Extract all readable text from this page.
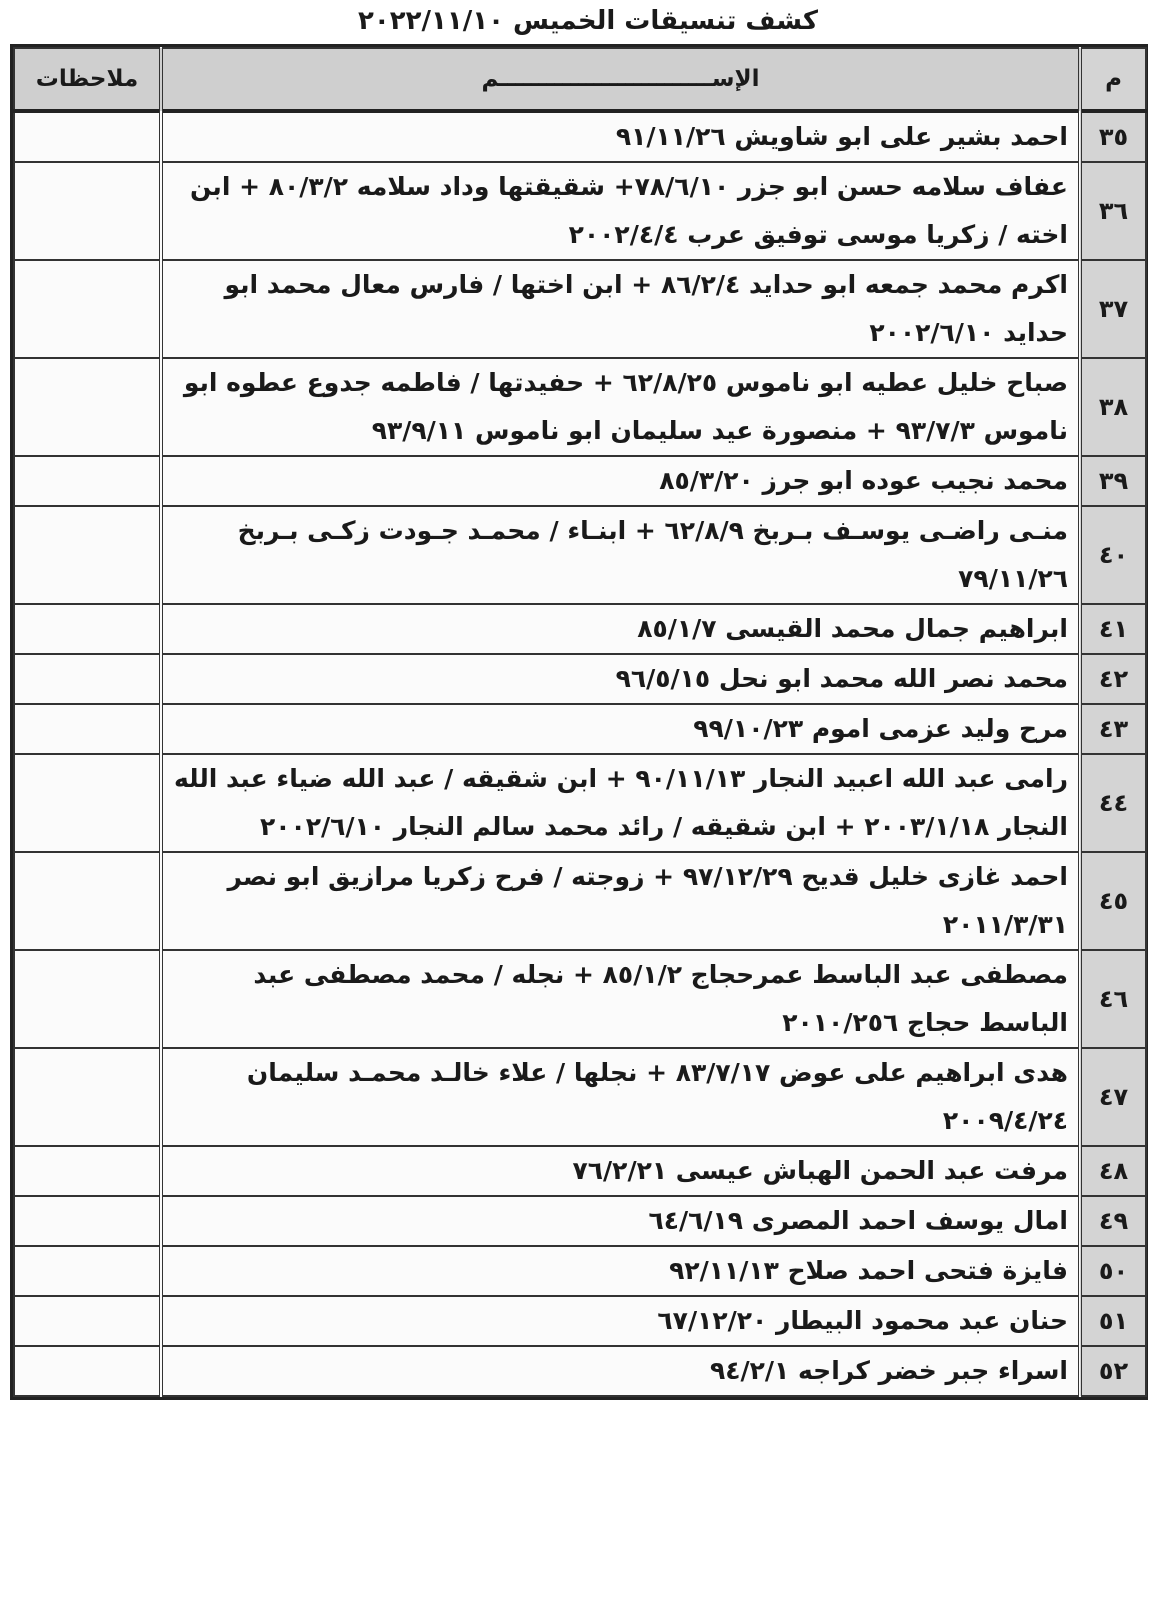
كشف تنسيقات الخميس ٢٠٢٢/١١/١٠
م	الإســـــــــــــــــــــــــــم	ملاحظات
٣٥	احمد بشير على ابو شاويش ٩١/١١/٢٦	
٣٦	عفاف سلامه حسن ابو جزر ٧٨/٦/١٠+ شقيقتها وداد سلامه ٨٠/٣/٢ + ابن اخته / زكريا موسى توفيق عرب ٢٠٠٢/٤/٤	
٣٧	اكرم محمد جمعه ابو حدايد ٨٦/٢/٤ + ابن اختها / فارس معال محمد ابو حدايد ٢٠٠٢/٦/١٠	
٣٨	صباح خليل عطيه ابو ناموس ٦٢/٨/٢٥ + حفيدتها / فاطمه جدوع عطوه ابو ناموس ٩٣/٧/٣ + منصورة عيد سليمان ابو ناموس ٩٣/٩/١١	
٣٩	محمد نجيب عوده ابو جرز ٨٥/٣/٢٠	
٤٠	منـى راضـى يوسـف بـربخ ٦٢/٨/٩ + ابنـاء / محمـد جـودت زكـى بـربخ ٧٩/١١/٢٦	
٤١	ابراهيم جمال محمد القيسى ٨٥/١/٧	
٤٢	محمد نصر الله محمد ابو نحل ٩٦/٥/١٥	
٤٣	مرح وليد عزمى اموم ٩٩/١٠/٢٣	
٤٤	رامى عبد الله اعبيد النجار ٩٠/١١/١٣ + ابن شقيقه / عبد الله ضياء عبد الله النجار ٢٠٠٣/١/١٨ + ابن شقيقه / رائد محمد سالم النجار ٢٠٠٢/٦/١٠	
٤٥	احمد غازى خليل قديح ٩٧/١٢/٢٩ + زوجته / فرح زكريا مرازيق ابو نصر ٢٠١١/٣/٣١	
٤٦	مصطفى عبد الباسط عمرحجاج ٨٥/١/٢ + نجله / محمد مصطفى عبد الباسط حجاج ٢٠١٠/٢٥٦	
٤٧	هدى ابراهيم على عوض ٨٣/٧/١٧ + نجلها / علاء خالـد محمـد سليمان ٢٠٠٩/٤/٢٤	
٤٨	مرفت عبد الحمن الهباش عيسى ٧٦/٢/٢١	
٤٩	امال يوسف احمد المصرى ٦٤/٦/١٩	
٥٠	فايزة فتحى احمد صلاح ٩٢/١١/١٣	
٥١	حنان عبد محمود البيطار ٦٧/١٢/٢٠	
٥٢	اسراء جبر خضر كراجه ٩٤/٢/١	
